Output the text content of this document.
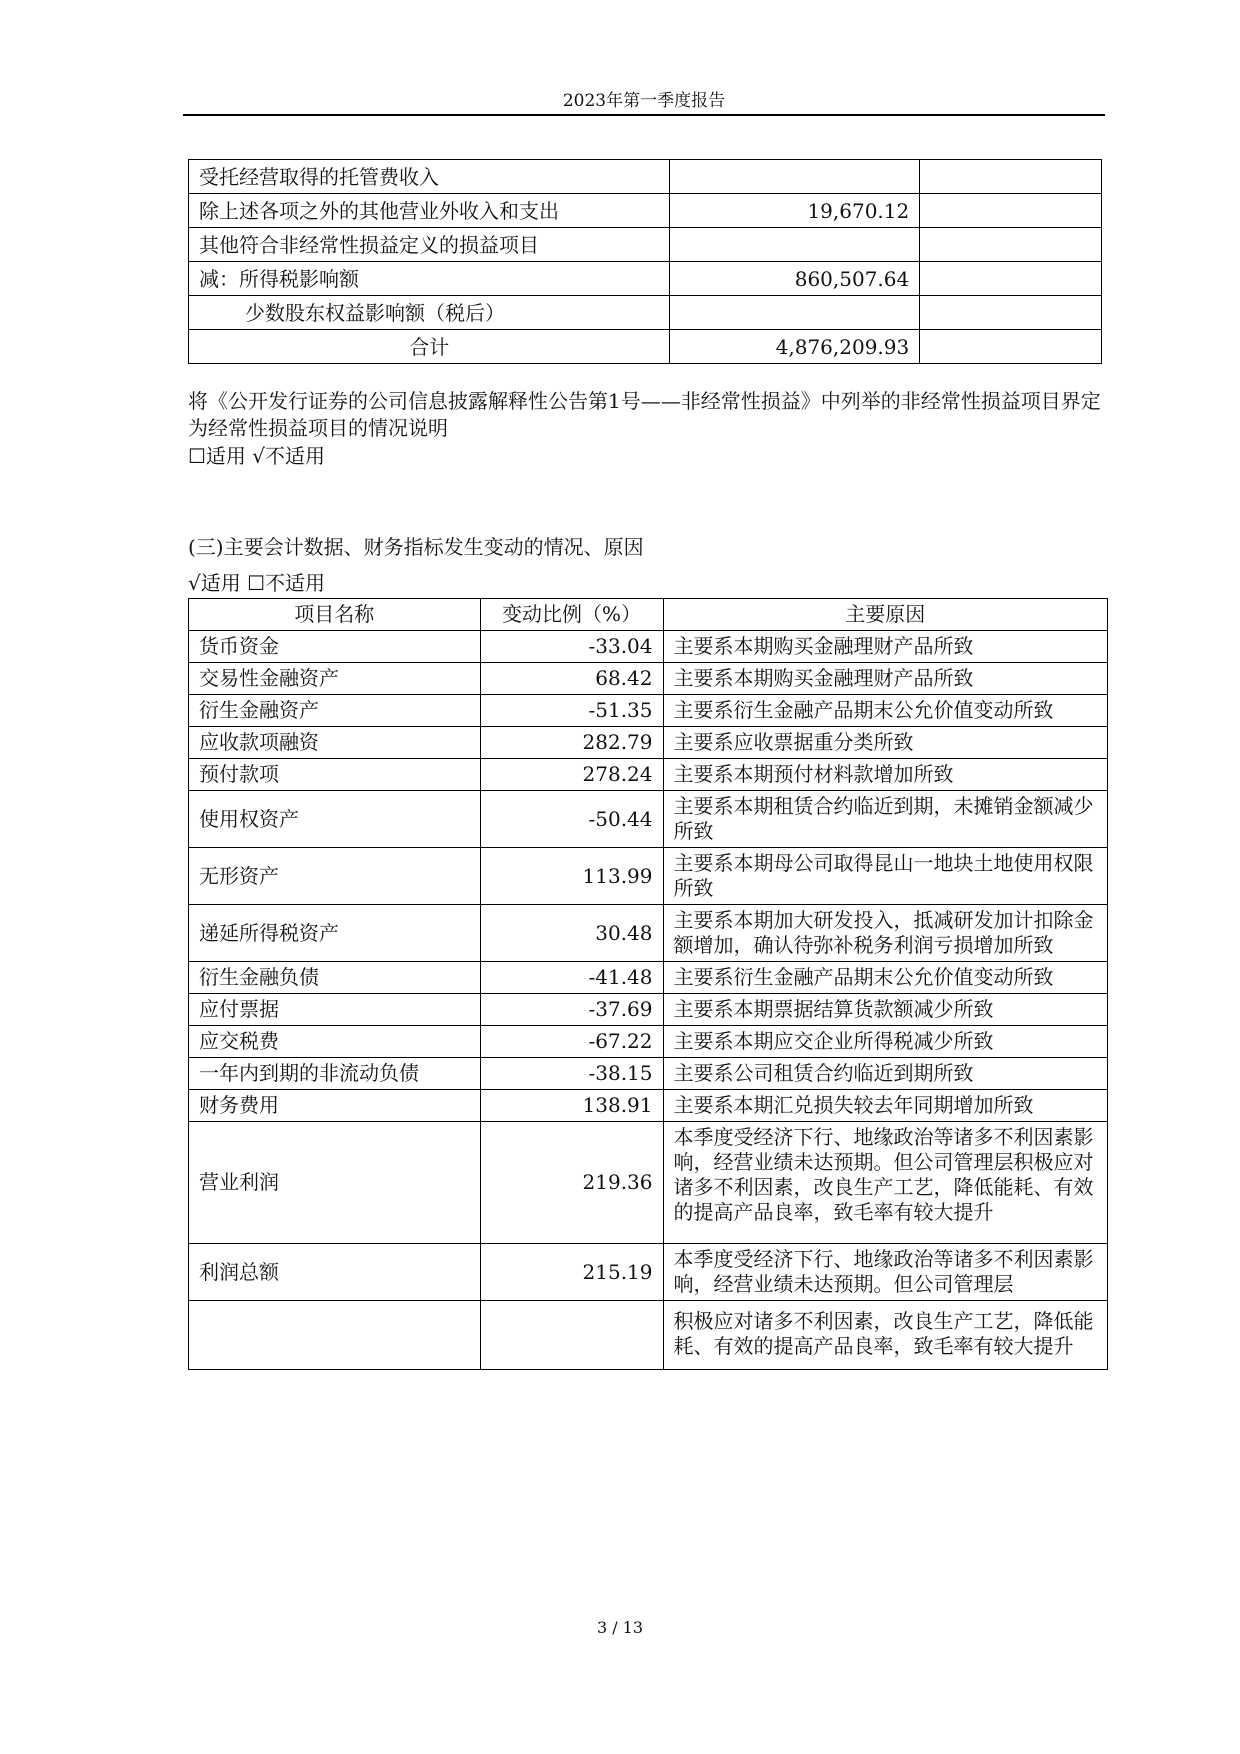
2023年第一季度报告
受托经营取得的托管费收入		
除上述各项之外的其他营业外收入和支出	19,670.12	
其他符合非经常性损益定义的损益项目		
减：所得税影响额	860,507.64	
少数股东权益影响额（税后）		
合计	4,876,209.93	
将《公开发行证券的公司信息披露解释性公告第1号——非经常性损益》中列举的非经常性损益项目界定为经常性损益项目的情况说明
☐适用 √不适用
(三)主要会计数据、财务指标发生变动的情况、原因
√适用 ☐不适用
项目名称	变动比例（%）	主要原因
货币资金	-33.04	主要系本期购买金融理财产品所致
交易性金融资产	68.42	主要系本期购买金融理财产品所致
衍生金融资产	-51.35	主要系衍生金融产品期末公允价值变动所致
应收款项融资	282.79	主要系应收票据重分类所致
预付款项	278.24	主要系本期预付材料款增加所致
使用权资产	-50.44	主要系本期租赁合约临近到期，未摊销金额减少所致
无形资产	113.99	主要系本期母公司取得昆山一地块土地使用权限所致
递延所得税资产	30.48	主要系本期加大研发投入，抵减研发加计扣除金额增加，确认待弥补税务利润亏损增加所致
衍生金融负债	-41.48	主要系衍生金融产品期末公允价值变动所致
应付票据	-37.69	主要系本期票据结算货款额减少所致
应交税费	-67.22	主要系本期应交企业所得税减少所致
一年内到期的非流动负债	-38.15	主要系公司租赁合约临近到期所致
财务费用	138.91	主要系本期汇兑损失较去年同期增加所致
营业利润	219.36	本季度受经济下行、地缘政治等诸多不利因素影响，经营业绩未达预期。但公司管理层积极应对诸多不利因素，改良生产工艺，降低能耗、有效的提高产品良率，致毛率有较大提升
利润总额	215.19	本季度受经济下行、地缘政治等诸多不利因素影响，经营业绩未达预期。但公司管理层
		积极应对诸多不利因素，改良生产工艺，降低能耗、有效的提高产品良率，致毛率有较大提升
3 / 13
